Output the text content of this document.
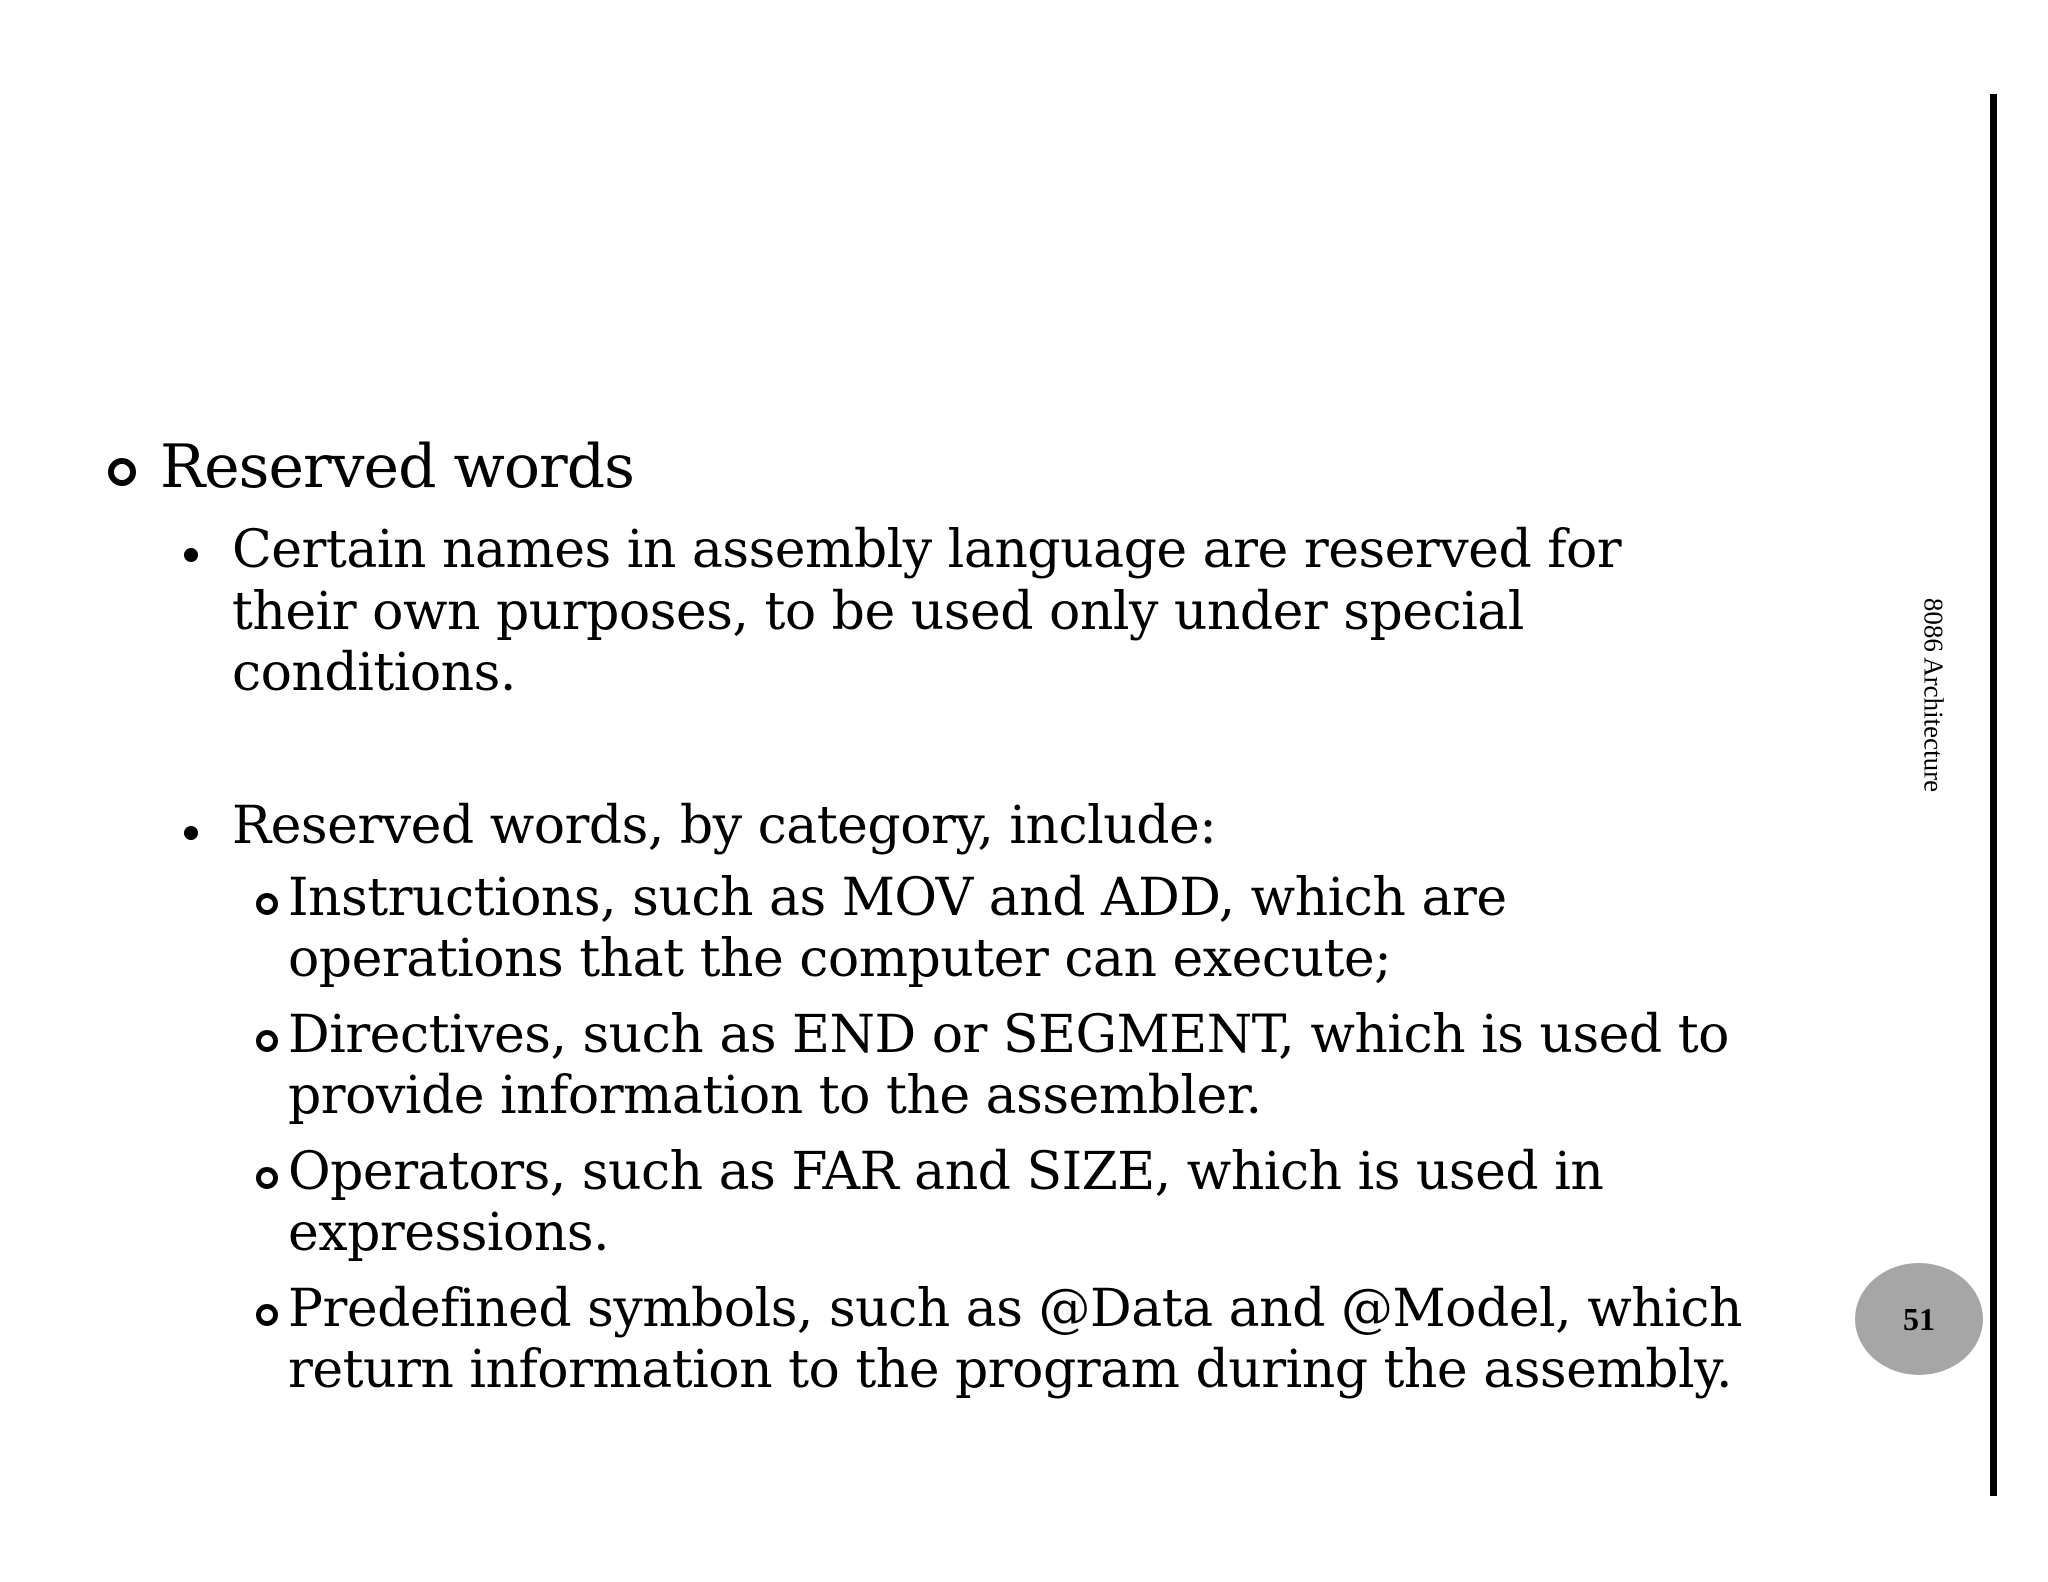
8086 Architecture
51
Reserved words
Certain names in assembly language are reserved for
their own purposes, to be used only under special
conditions.
Reserved words, by category, include:
Instructions, such as MOV and ADD, which are
operations that the computer can execute;
Directives, such as END or SEGMENT, which is used to
provide information to the assembler.
Operators, such as FAR and SIZE, which is used in
expressions.
Predefined symbols, such as @Data and @Model, which
return information to the program during the assembly.
